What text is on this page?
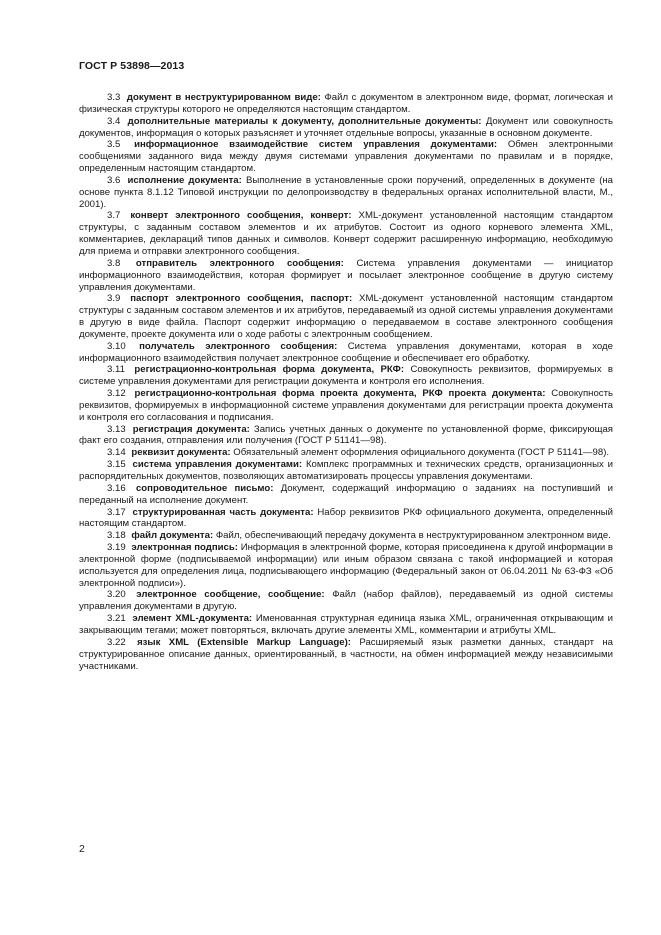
ГОСТ Р 53898—2013

3.3 документ в неструктурированном виде: Файл с документом в электронном виде, формат, логическая и физическая структуры которого не определяются настоящим стандартом.

3.4 дополнительные материалы к документу, дополнительные документы: Документ или совокупность документов, информация о которых разъясняет и уточняет отдельные вопросы, указанные в основном документе.

3.5 информационное взаимодействие систем управления документами: Обмен электронными сообщениями заданного вида между двумя системами управления документами по правилам и в порядке, определенным настоящим стандартом.

3.6 исполнение документа: Выполнение в установленные сроки поручений, определенных в документе (на основе пункта 8.1.12 Типовой инструкции по делопроизводству в федеральных органах исполнительной власти, М., 2001).

3.7 конверт электронного сообщения, конверт: XML-документ установленной настоящим стандартом структуры, с заданным составом элементов и их атрибутов. Состоит из одного корневого элемента XML, комментариев, деклараций типов данных и символов. Конверт содержит расширенную информацию, необходимую для приема и отправки электронного сообщения.

3.8 отправитель электронного сообщения: Система управления документами — инициатор информационного взаимодействия, которая формирует и посылает электронное сообщение в другую систему управления документами.

3.9 паспорт электронного сообщения, паспорт: XML-документ установленной настоящим стандартом структуры с заданным составом элементов и их атрибутов, передаваемый из одной системы управления документами в другую в виде файла. Паспорт содержит информацию о передаваемом в составе электронного сообщения документе, проекте документа или о ходе работы с электронным сообщением.

3.10 получатель электронного сообщения: Система управления документами, которая в ходе информационного взаимодействия получает электронное сообщение и обеспечивает его обработку.

3.11 регистрационно-контрольная форма документа, РКФ: Совокупность реквизитов, формируемых в системе управления документами для регистрации документа и контроля его исполнения.

3.12 регистрационно-контрольная форма проекта документа, РКФ проекта документа: Совокупность реквизитов, формируемых в информационной системе управления документами для регистрации проекта документа и контроля его согласования и подписания.

3.13 регистрация документа: Запись учетных данных о документе по установленной форме, фиксирующая факт его создания, отправления или получения (ГОСТ Р 51141—98).

3.14 реквизит документа: Обязательный элемент оформления официального документа (ГОСТ Р 51141—98).

3.15 система управления документами: Комплекс программных и технических средств, организационных и распорядительных документов, позволяющих автоматизировать процессы управления документами.

3.16 сопроводительное письмо: Документ, содержащий информацию о заданиях на поступивший и переданный на исполнение документ.

3.17 структурированная часть документа: Набор реквизитов РКФ официального документа, определенный настоящим стандартом.

3.18 файл документа: Файл, обеспечивающий передачу документа в неструктурированном электронном виде.

3.19 электронная подпись: Информация в электронной форме, которая присоединена к другой информации в электронной форме (подписываемой информации) или иным образом связана с такой информацией и которая используется для определения лица, подписывающего информацию (Федеральный закон от 06.04.2011 № 63-ФЗ «Об электронной подписи»).

3.20 электронное сообщение, сообщение: Файл (набор файлов), передаваемый из одной системы управления документами в другую.

3.21 элемент XML-документа: Именованная структурная единица языка XML, ограниченная открывающим и закрывающим тегами; может повторяться, включать другие элементы XML, комментарии и атрибуты XML.

3.22 язык XML (Extensible Markup Language): Расширяемый язык разметки данных, стандарт на структурированное описание данных, ориентированный, в частности, на обмен информацией между независимыми участниками.

2
